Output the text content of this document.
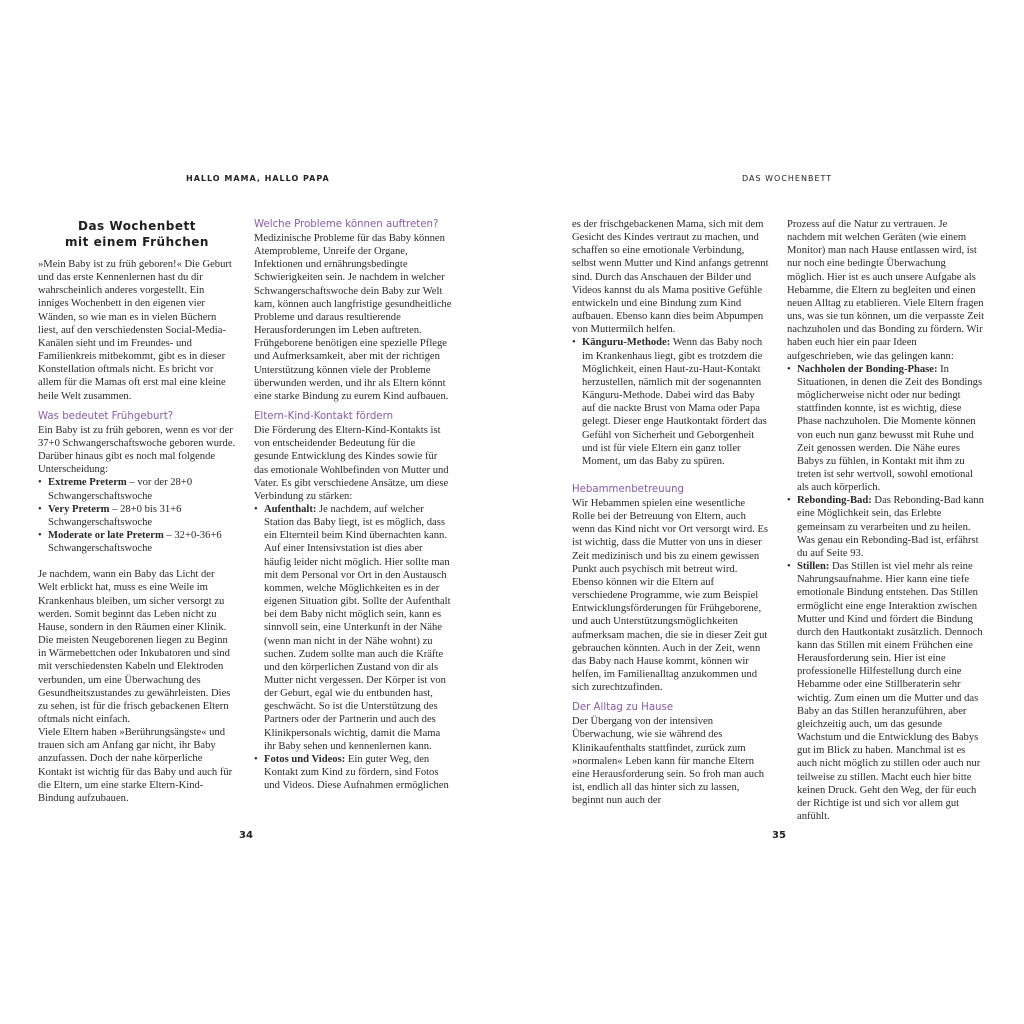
HALLO MAMA, HALLO PAPA	DAS WOCHENBETT
Das Wochenbett
mit einem Frühchen

»Mein Baby ist zu früh geboren!« Die Geburt und das erste Kennenlernen hast du dir wahrscheinlich anderes vorgestellt. Ein inniges Wochenbett in den eigenen vier Wänden, so wie man es in vielen Büchern liest, auf den verschiedensten Social-Media-Kanälen sieht und im Freundes- und Familienkreis mitbekommt, gibt es in dieser Konstellation oftmals nicht. Es bricht vor allem für die Mamas oft erst mal eine kleine heile Welt zusammen.

Was bedeutet Frühgeburt?

Ein Baby ist zu früh geboren, wenn es vor der 37+0 Schwangerschaftswoche geboren wurde. Darüber hinaus gibt es noch mal folgende Unterscheidung:

• Extreme Preterm – vor der 28+0 Schwangerschaftswoche
• Very Preterm – 28+0 bis 31+6 Schwangerschaftswoche
• Moderate or late Preterm – 32+0-36+6 Schwangerschaftswoche

Je nachdem, wann ein Baby das Licht der Welt erblickt hat, muss es eine Weile im Krankenhaus bleiben, um sicher versorgt zu werden. Somit beginnt das Leben nicht zu Hause, sondern in den Räumen einer Klinik. Die meisten Neugeborenen liegen zu Beginn in Wärmebettchen oder Inkubatoren und sind mit verschiedensten Kabeln und Elektroden verbunden, um eine Überwachung des Gesundheitszustandes zu gewährleisten. Dies zu sehen, ist für die frisch gebackenen Eltern oftmals nicht einfach.

Viele Eltern haben »Berührungsängste« und trauen sich am Anfang gar nicht, ihr Baby anzufassen. Doch der nahe körperliche Kontakt ist wichtig für das Baby und auch für die Eltern, um eine starke Eltern-Kind-Bindung aufzubauen.

Welche Probleme können auftreten?

Medizinische Probleme für das Baby können Atemprobleme, Unreife der Organe, Infektionen und ernährungsbedingte Schwierigkeiten sein. Je nachdem in welcher Schwangerschaftswoche dein Baby zur Welt kam, können auch langfristige gesundheitliche Probleme und daraus resultierende Herausforderungen im Leben auftreten. Frühgeborene benötigen eine spezielle Pflege und Aufmerksamkeit, aber mit der richtigen Unterstützung können viele der Probleme überwunden werden, und ihr als Eltern könnt eine starke Bindung zu eurem Kind aufbauen.

Eltern-Kind-Kontakt fördern

Die Förderung des Eltern-Kind-Kontakts ist von entscheidender Bedeutung für die gesunde Entwicklung des Kindes sowie für das emotionale Wohlbefinden von Mutter und Vater. Es gibt verschiedene Ansätze, um diese Verbindung zu stärken:

• Aufenthalt: Je nachdem, auf welcher Station das Baby liegt, ist es möglich, dass ein Elternteil beim Kind übernachten kann. Auf einer Intensivstation ist dies aber häufig leider nicht möglich. Hier sollte man mit dem Personal vor Ort in den Austausch kommen, welche Möglichkeiten es in der eigenen Situation gibt. Sollte der Aufenthalt bei dem Baby nicht möglich sein, kann es sinnvoll sein, eine Unterkunft in der Nähe (wenn man nicht in der Nähe wohnt) zu suchen. Zudem sollte man auch die Kräfte und den körperlichen Zustand von dir als Mutter nicht vergessen. Der Körper ist von der Geburt, egal wie du entbunden hast, geschwächt. So ist die Unterstützung des Partners oder der Partnerin und auch des Klinikpersonals wichtig, damit die Mama ihr Baby sehen und kennenlernen kann.
• Fotos und Videos: Ein guter Weg, den Kontakt zum Kind zu fördern, sind Fotos und Videos. Diese Aufnahmen ermöglichen

es der frischgebackenen Mama, sich mit dem Gesicht des Kindes vertraut zu machen, und schaffen so eine emotionale Verbindung, selbst wenn Mutter und Kind anfangs getrennt sind. Durch das Anschauen der Bilder und Videos kannst du als Mama positive Gefühle entwickeln und eine Bindung zum Kind aufbauen. Ebenso kann dies beim Abpumpen von Muttermilch helfen.

• Känguru-Methode: Wenn das Baby noch im Krankenhaus liegt, gibt es trotzdem die Möglichkeit, einen Haut-zu-Haut-Kontakt herzustellen, nämlich mit der sogenannten Känguru-Methode. Dabei wird das Baby auf die nackte Brust von Mama oder Papa gelegt. Dieser enge Hautkontakt fördert das Gefühl von Sicherheit und Geborgenheit und ist für viele Eltern ein ganz toller Moment, um das Baby zu spüren.
Hebammenbetreuung

Wir Hebammen spielen eine wesentliche Rolle bei der Betreuung von Eltern, auch wenn das Kind nicht vor Ort versorgt wird. Es ist wichtig, dass die Mutter von uns in dieser Zeit medizinisch und bis zu einem gewissen Punkt auch psychisch mit betreut wird.

Ebenso können wir die Eltern auf verschiedene Programme, wie zum Beispiel Entwicklungsförderungen für Frühgeborene, und auch Unterstützungsmöglichkeiten aufmerksam machen, die sie in dieser Zeit gut gebrauchen könnten. Auch in der Zeit, wenn das Baby nach Hause kommt, können wir helfen, im Familienalltag anzukommen und sich zurechtzufinden.

Der Alltag zu Hause

Der Übergang von der intensiven Überwachung, wie sie während des Klinikaufenthalts stattfindet, zurück zum »normalen« Leben kann für manche Eltern eine Herausforderung sein. So froh man auch ist, endlich all das hinter sich zu lassen, beginnt nun auch der

Prozess auf die Natur zu vertrauen. Je nachdem mit welchen Geräten (wie einem Monitor) man nach Hause entlassen wird, ist nur noch eine bedingte Überwachung möglich. Hier ist es auch unsere Aufgabe als Hebamme, die Eltern zu begleiten und einen neuen Alltag zu etablieren. Viele Eltern fragen uns, was sie tun können, um die verpasste Zeit nachzuholen und das Bonding zu fördern. Wir haben euch hier ein paar Ideen aufgeschrieben, wie das gelingen kann:

• Nachholen der Bonding-Phase: In Situationen, in denen die Zeit des Bondings möglicherweise nicht oder nur bedingt stattfinden konnte, ist es wichtig, diese Phase nachzuholen. Die Momente können von euch nun ganz bewusst mit Ruhe und Zeit genossen werden. Die Nähe eures Babys zu fühlen, in Kontakt mit ihm zu treten ist sehr wertvoll, sowohl emotional als auch körperlich.
• Rebonding-Bad: Das Rebonding-Bad kann eine Möglichkeit sein, das Erlebte gemeinsam zu verarbeiten und zu heilen. Was genau ein Rebonding-Bad ist, erfährst du auf Seite 93.
• Stillen: Das Stillen ist viel mehr als reine Nahrungsaufnahme. Hier kann eine tiefe emotionale Bindung entstehen. Das Stillen ermöglicht eine enge Interaktion zwischen Mutter und Kind und fördert die Bindung durch den Hautkontakt zusätzlich. Dennoch kann das Stillen mit einem Frühchen eine Herausforderung sein. Hier ist eine professionelle Hilfestellung durch eine Hebamme oder eine Stillberaterin sehr wichtig. Zum einen um die Mutter und das Baby an das Stillen heranzuführen, aber gleichzeitig auch, um das gesunde Wachstum und die Entwicklung des Babys gut im Blick zu haben. Manchmal ist es auch nicht möglich zu stillen oder auch nur teilweise zu stillen. Macht euch hier bitte keinen Druck. Geht den Weg, der für euch der Richtige ist und sich vor allem gut anfühlt.
34	35
